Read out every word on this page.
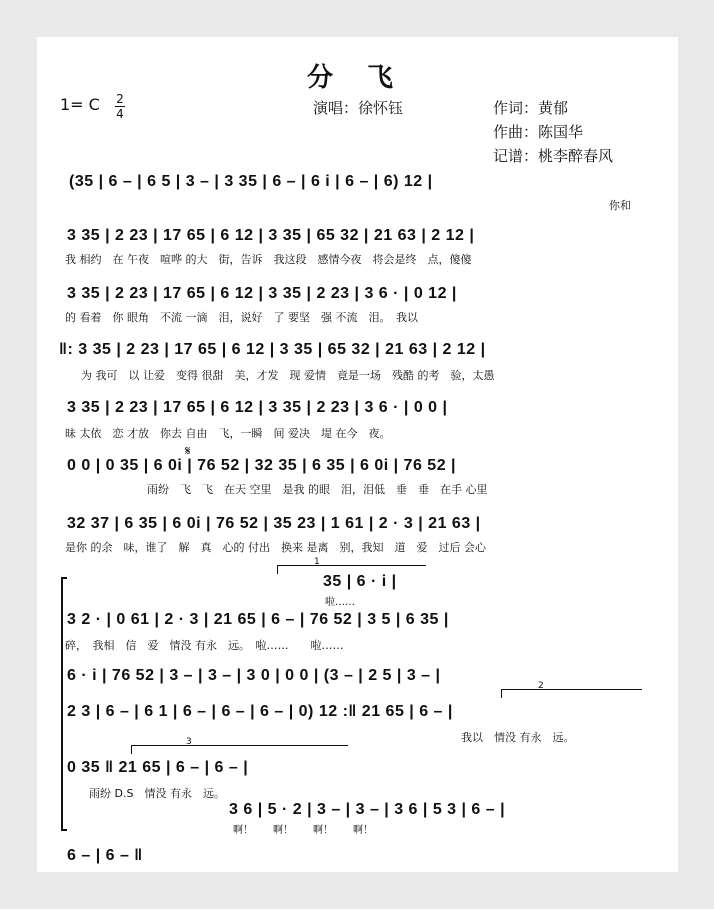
分　飞
1= C 2
4	演唱：徐怀钰	作词：黄郁
作曲：陈国华
记谱：桃李醉春风
(35 | 6 – | 6 5 | 3 – | 3 35 | 6 – | 6 i | 6 – | 6) 12 |
你和
3 35 | 2 23 | 17 65 | 6 12 | 3 35 | 65 32 | 21 63 | 2 12 |
我 相约　在 午夜　喧哗 的大　街，告诉　我这段　感情今夜　将会是终　点，傻傻
3 35 | 2 23 | 17 65 | 6 12 | 3 35 | 2 23 | 3 6 · | 0 12 |
的 看着　你 眼角　不流 一滴　泪，说好　了 要坚　强 不流　泪。　我以
‖: 3 35 | 2 23 | 17 65 | 6 12 | 3 35 | 65 32 | 21 63 | 2 12 |
为 我可　以 让爱　变得 很甜　美，才发　现 爱情　竟是一场　残酷 的考　验，太愚
3 35 | 2 23 | 17 65 | 6 12 | 3 35 | 2 23 | 3 6 · | 0 0 |
昧 太依　恋 才放　你去 自由　飞，一瞬　间 爱决　堤 在今　夜。
𝄋
0 0 | 0 35 | 6 0i | 76 52 | 32 35 | 6 35 | 6 0i | 76 52 |
雨纷　飞　飞　在天 空里　是我 的眼　泪，泪低　垂　垂　在手 心里
32 37 | 6 35 | 6 0i | 76 52 | 35 23 | 1 61 | 2 · 3 | 21 63 |
是你 的余　味，谁了　解　真　心的 付出　换来 是离　别，我知　道　爱　过后 会心
1
35 | 6 · i |
啦……
3 2 · | 0 61 | 2 · 3 | 21 65 | 6 – | 76 52 | 3 5 | 6 35 |
碎，　我相　信　爱　情没 有永　远。　啦……　　啦……
6 · i | 76 52 | 3 – | 3 – | 3 0 | 0 0 | (3 – | 2 5 | 3 – |
2
2 3 | 6 – | 6 1 | 6 – | 6 – | 6 – | 0) 12 :‖ 21 65 | 6 – |
我以　情没 有永　远。
3
0 35 ‖ 21 65 | 6 – | 6 – |
雨纷 D.S　情没 有永　远。
3 6 | 5 · 2 | 3 – | 3 – | 3 6 | 5 3 | 6 – |
啊！　　啊！　　啊！　　啊！
6 – | 6 – ‖
